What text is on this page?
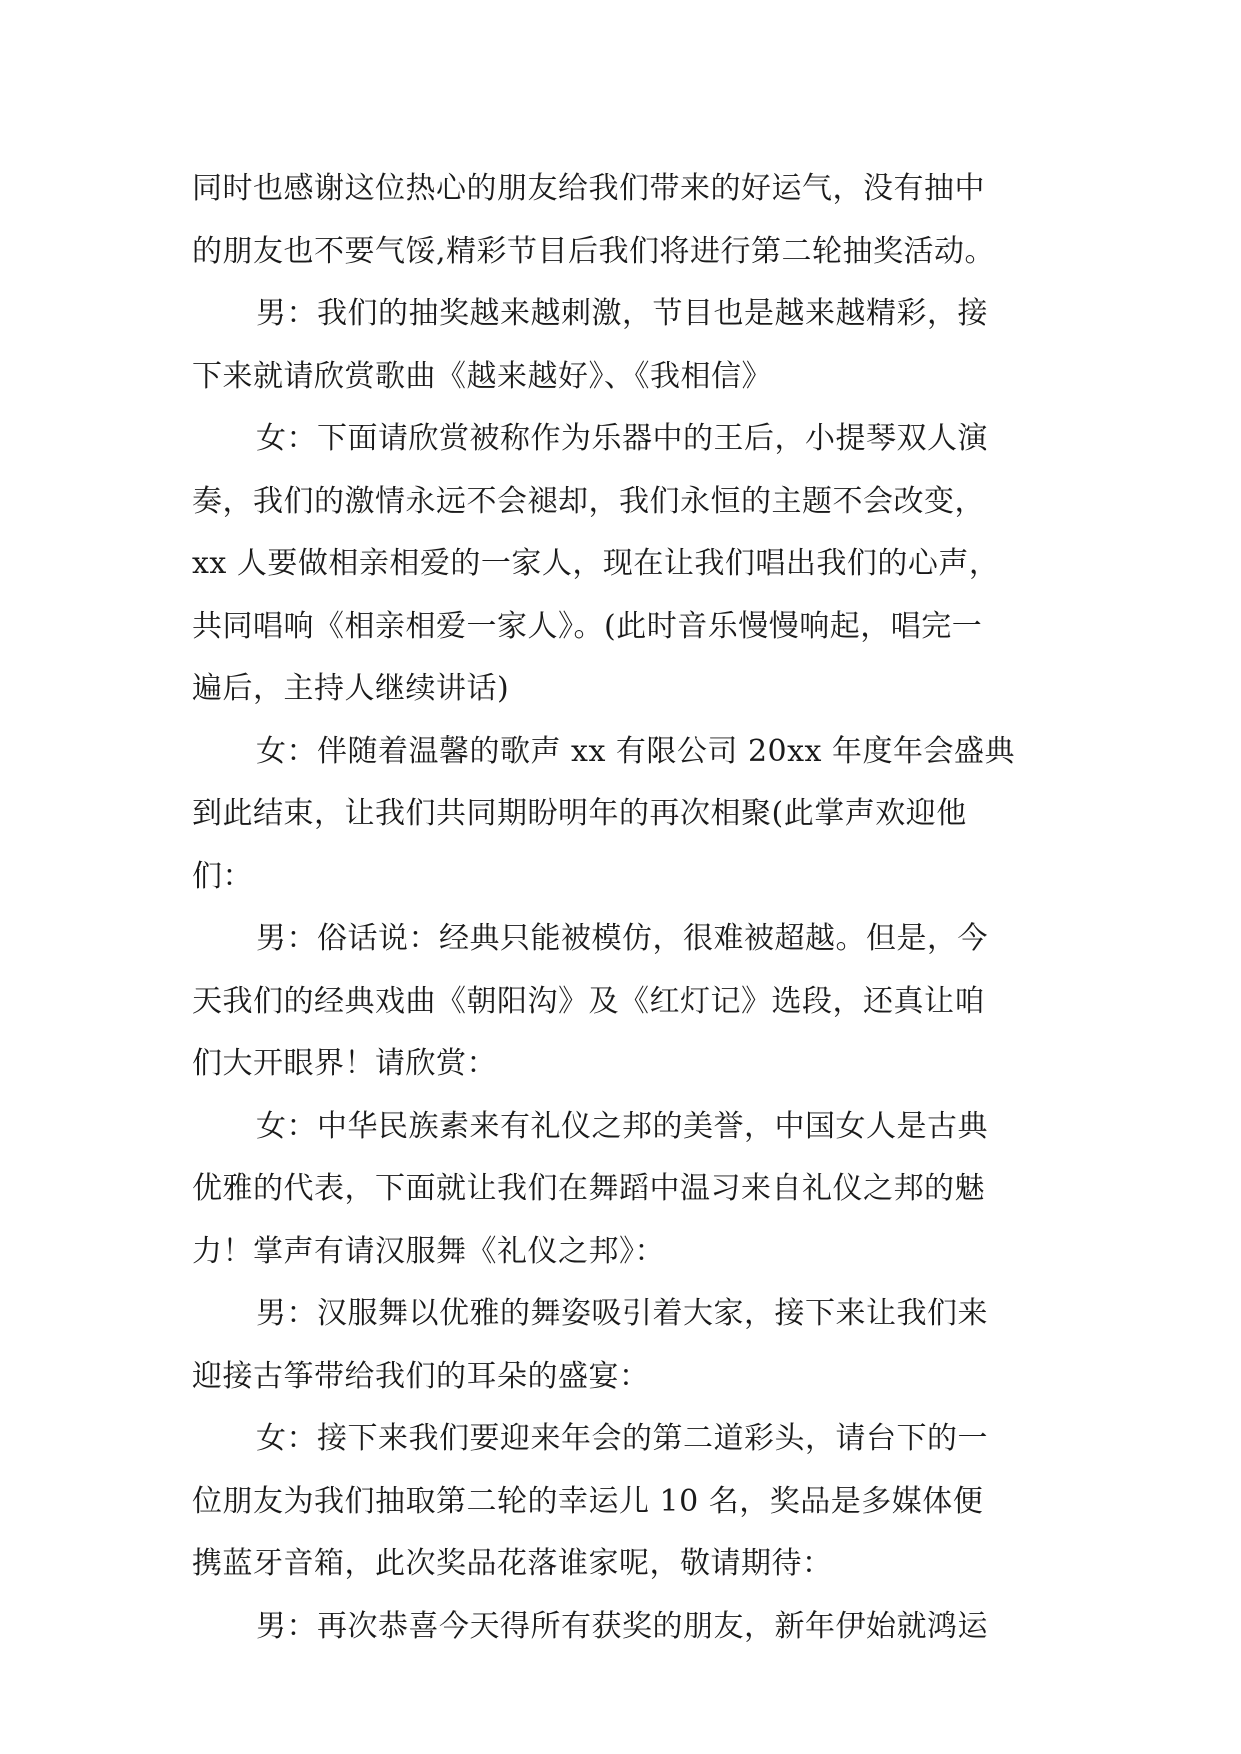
同时也感谢这位热心的朋友给我们带来的好运气，没有抽中
的朋友也不要气馁,精彩节目后我们将进行第二轮抽奖活动。
男：我们的抽奖越来越刺激，节目也是越来越精彩，接
下来就请欣赏歌曲《越来越好》、《我相信》
女：下面请欣赏被称作为乐器中的王后，小提琴双人演
奏，我们的激情永远不会褪却，我们永恒的主题不会改变，
xx 人要做相亲相爱的一家人，现在让我们唱出我们的心声，
共同唱响《相亲相爱一家人》。(此时音乐慢慢响起，唱完一
遍后，主持人继续讲话)
女：伴随着温馨的歌声 xx 有限公司 20xx 年度年会盛典
到此结束，让我们共同期盼明年的再次相聚(此掌声欢迎他
们：
男：俗话说：经典只能被模仿，很难被超越。但是，今
天我们的经典戏曲《朝阳沟》及《红灯记》选段，还真让咱
们大开眼界！请欣赏：
女：中华民族素来有礼仪之邦的美誉，中国女人是古典
优雅的代表，下面就让我们在舞蹈中温习来自礼仪之邦的魅
力！掌声有请汉服舞《礼仪之邦》：
男：汉服舞以优雅的舞姿吸引着大家，接下来让我们来
迎接古筝带给我们的耳朵的盛宴：
女：接下来我们要迎来年会的第二道彩头，请台下的一
位朋友为我们抽取第二轮的幸运儿 10 名，奖品是多媒体便
携蓝牙音箱，此次奖品花落谁家呢，敬请期待：
男：再次恭喜今天得所有获奖的朋友，新年伊始就鸿运
